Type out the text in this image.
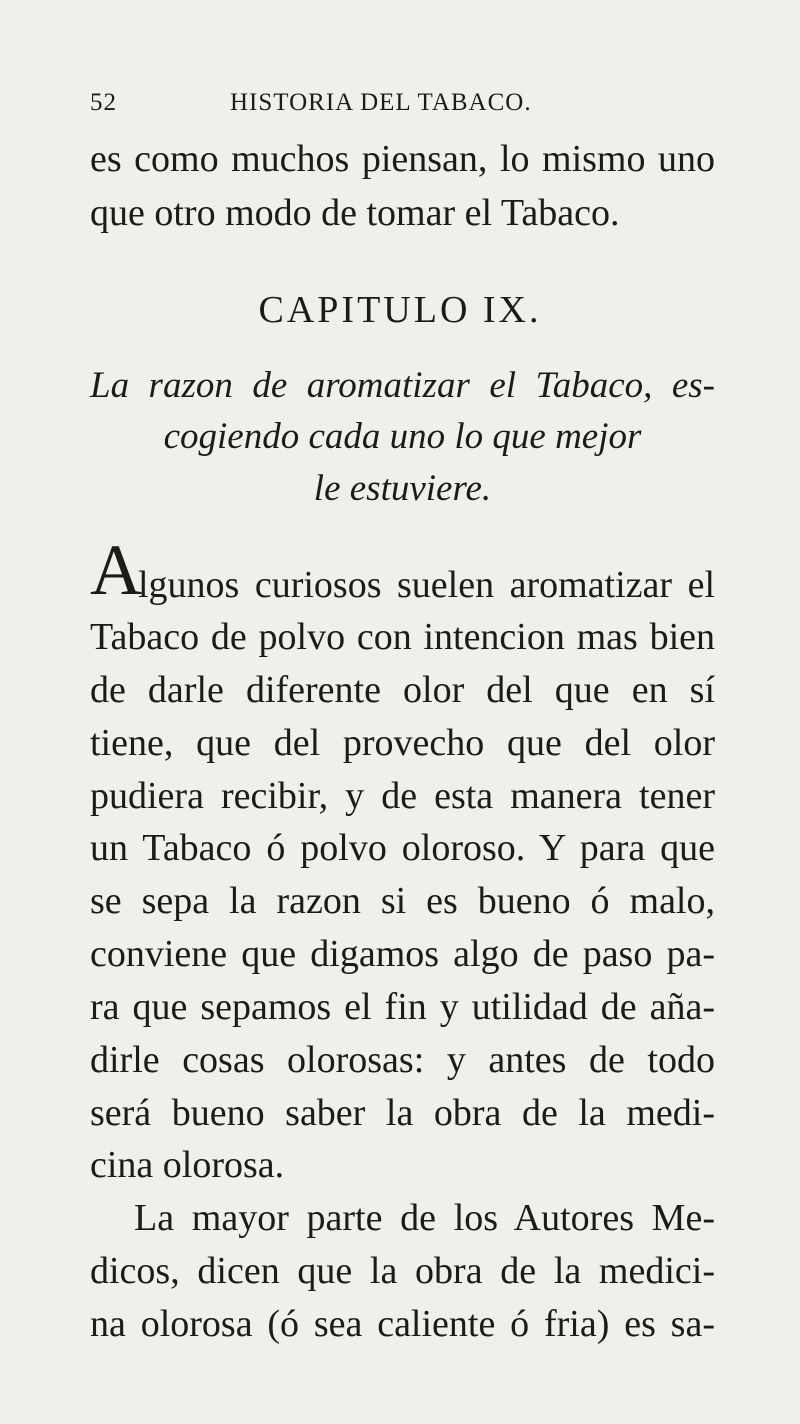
52	HISTORIA DEL TABACO.
es como muchos piensan, lo mismo uno
que otro modo de tomar el Tabaco.
CAPITULO IX.
La razon de aromatizar el Tabaco, es-
cogiendo cada uno lo que mejor
le estuviere.
A
lgunos curiosos suelen aromatizar el
Tabaco de polvo con intencion mas bien
de darle diferente olor del que en sí
tiene, que del provecho que del olor
pudiera recibir, y de esta manera tener
un Tabaco ó polvo oloroso. Y para que
se sepa la razon si es bueno ó malo,
conviene que digamos algo de paso pa-
ra que sepamos el fin y utilidad de aña-
dirle cosas olorosas: y antes de todo
será bueno saber la obra de la medi-
cina olorosa.
La mayor parte de los Autores Me-
dicos, dicen que la obra de la medici-
na olorosa (ó sea caliente ó fria) es sa-
